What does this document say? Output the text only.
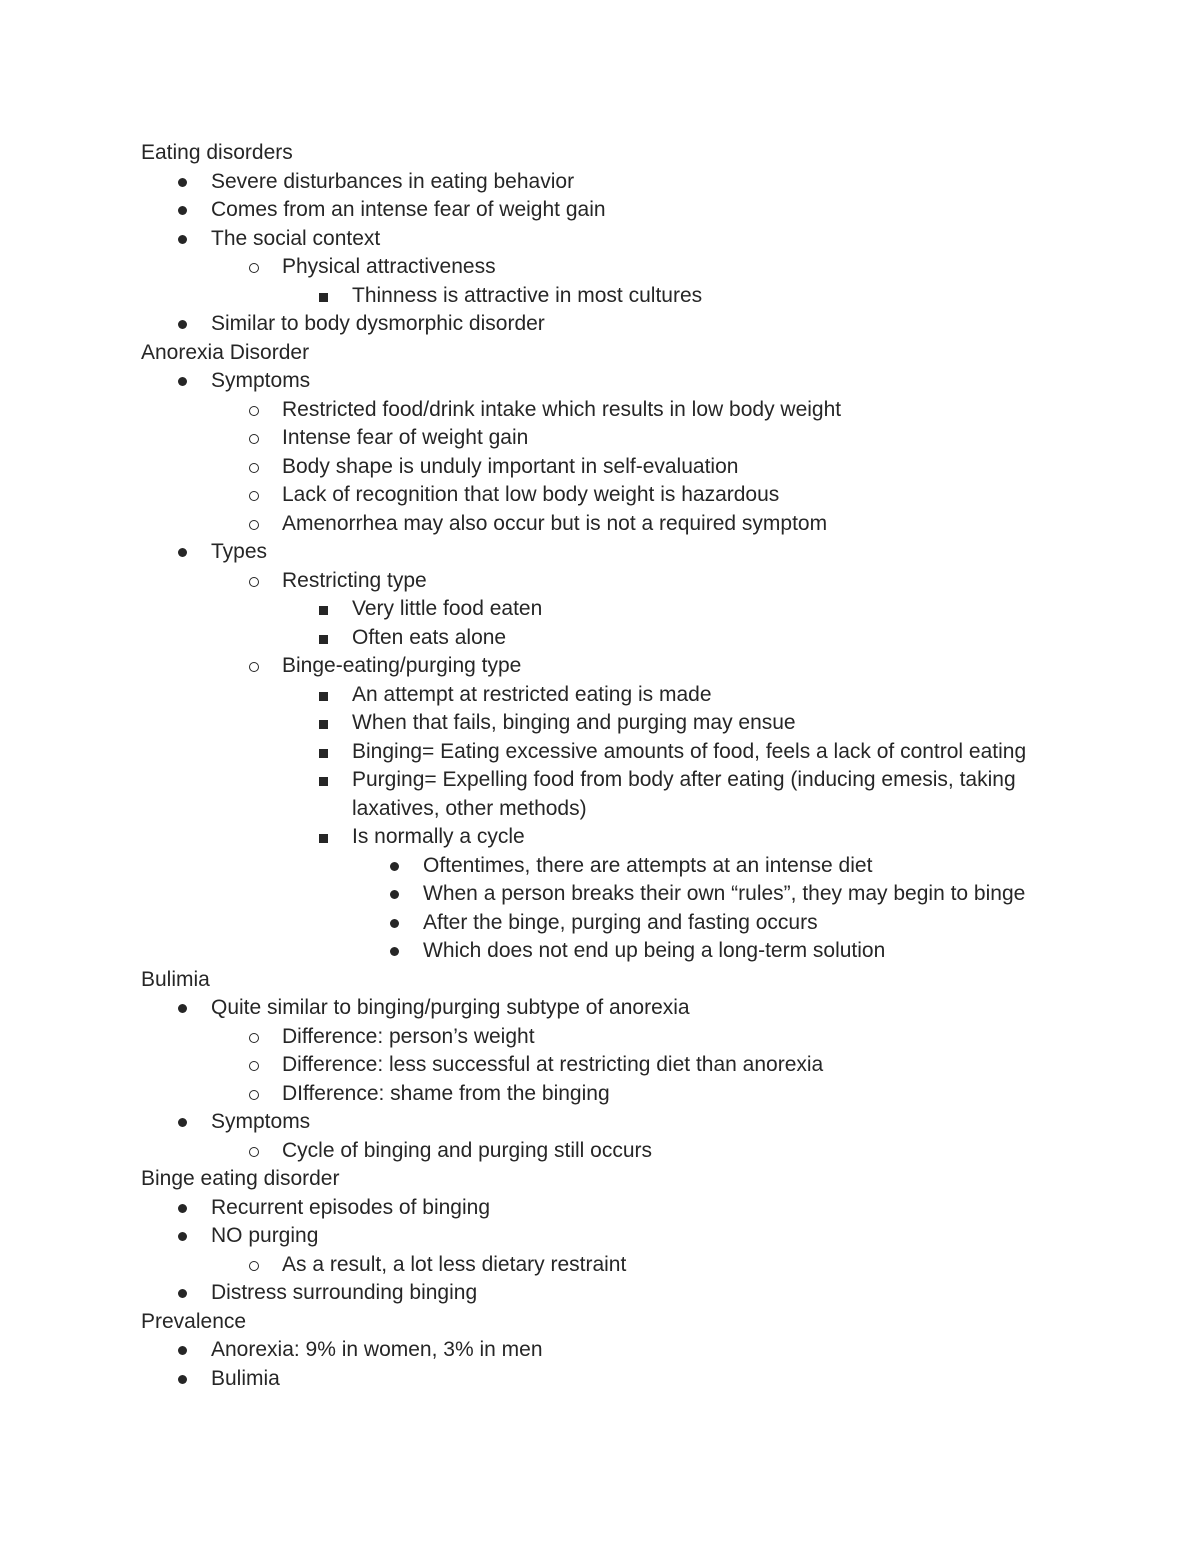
Eating disorders
Severe disturbances in eating behavior
Comes from an intense fear of weight gain
The social context
Physical attractiveness
Thinness is attractive in most cultures
Similar to body dysmorphic disorder
Anorexia Disorder
Symptoms
Restricted food/drink intake which results in low body weight
Intense fear of weight gain
Body shape is unduly important in self-evaluation
Lack of recognition that low body weight is hazardous
Amenorrhea may also occur but is not a required symptom
Types
Restricting type
Very little food eaten
Often eats alone
Binge-eating/purging type
An attempt at restricted eating is made
When that fails, binging and purging may ensue
Binging= Eating excessive amounts of food, feels a lack of control eating
Purging= Expelling food from body after eating (inducing emesis, taking
laxatives, other methods)
Is normally a cycle
Oftentimes, there are attempts at an intense diet
When a person breaks their own “rules”, they may begin to binge
After the binge, purging and fasting occurs
Which does not end up being a long-term solution
Bulimia
Quite similar to binging/purging subtype of anorexia
Difference: person’s weight
Difference: less successful at restricting diet than anorexia
DIfference: shame from the binging
Symptoms
Cycle of binging and purging still occurs
Binge eating disorder
Recurrent episodes of binging
NO purging
As a result, a lot less dietary restraint
Distress surrounding binging
Prevalence
Anorexia: 9% in women, 3% in men
Bulimia
